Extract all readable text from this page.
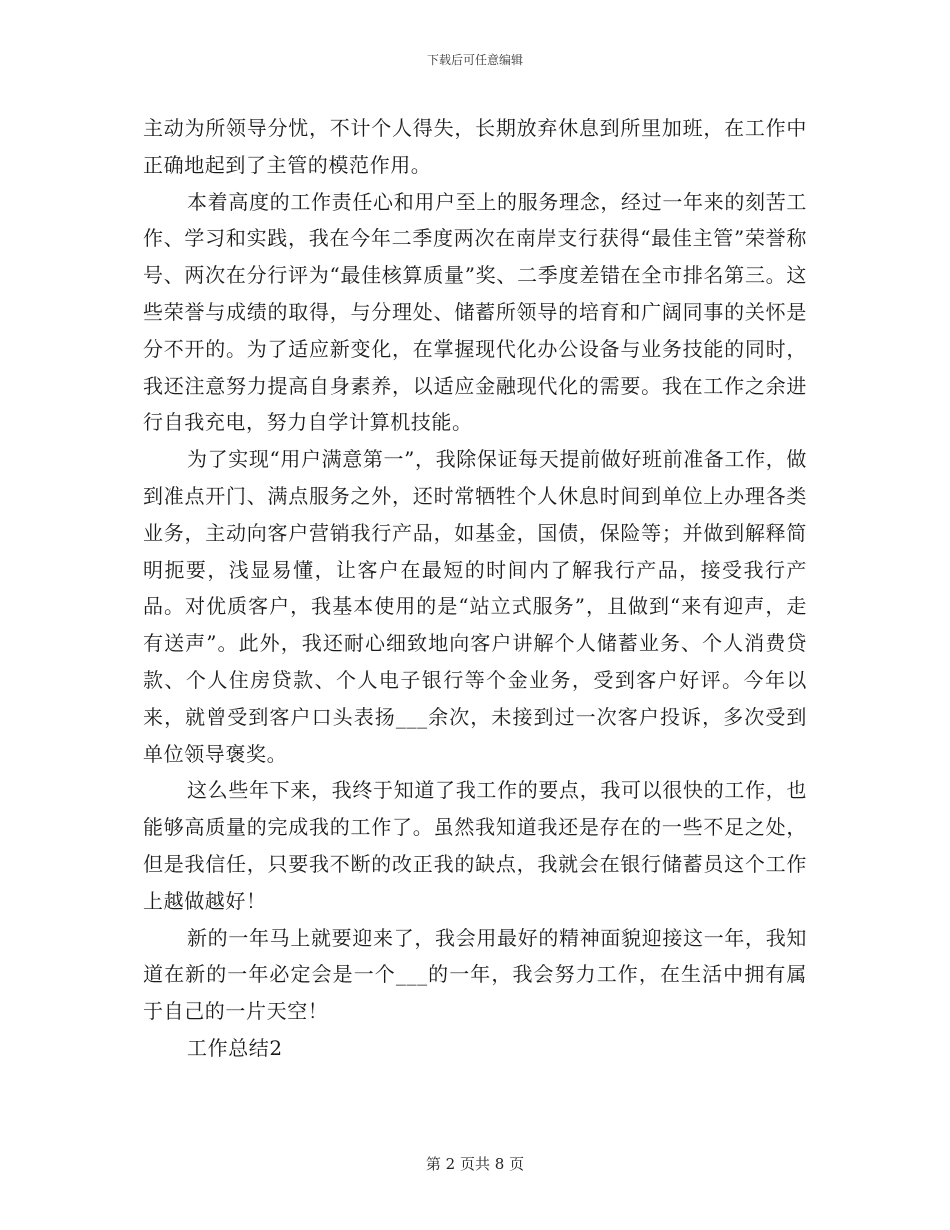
下载后可任意编辑

主动为所领导分忧，不计个人得失，长期放弃休息到所里加班，在工作中正确地起到了主管的模范作用。

本着高度的工作责任心和用户至上的服务理念，经过一年来的刻苦工作、学习和实践，我在今年二季度两次在南岸支行获得“最佳主管”荣誉称号、两次在分行评为“最佳核算质量”奖、二季度差错在全市排名第三。这些荣誉与成绩的取得，与分理处、储蓄所领导的培育和广阔同事的关怀是分不开的。为了适应新变化，在掌握现代化办公设备与业务技能的同时，我还注意努力提高自身素养，以适应金融现代化的需要。我在工作之余进行自我充电，努力自学计算机技能。

为了实现“用户满意第一”，我除保证每天提前做好班前准备工作，做到准点开门、满点服务之外，还时常牺牲个人休息时间到单位上办理各类业务，主动向客户营销我行产品，如基金，国债，保险等；并做到解释简明扼要，浅显易懂，让客户在最短的时间内了解我行产品，接受我行产品。对优质客户，我基本使用的是“站立式服务”，且做到“来有迎声，走有送声”。此外，我还耐心细致地向客户讲解个人储蓄业务、个人消费贷款、个人住房贷款、个人电子银行等个金业务，受到客户好评。今年以来，就曾受到客户口头表扬___余次，未接到过一次客户投诉，多次受到单位领导褒奖。

这么些年下来，我终于知道了我工作的要点，我可以很快的工作，也能够高质量的完成我的工作了。虽然我知道我还是存在的一些不足之处，但是我信任，只要我不断的改正我的缺点，我就会在银行储蓄员这个工作上越做越好！

新的一年马上就要迎来了，我会用最好的精神面貌迎接这一年，我知道在新的一年必定会是一个___的一年，我会努力工作，在生活中拥有属于自己的一片天空！

工作总结2

第 2 页共 8 页
